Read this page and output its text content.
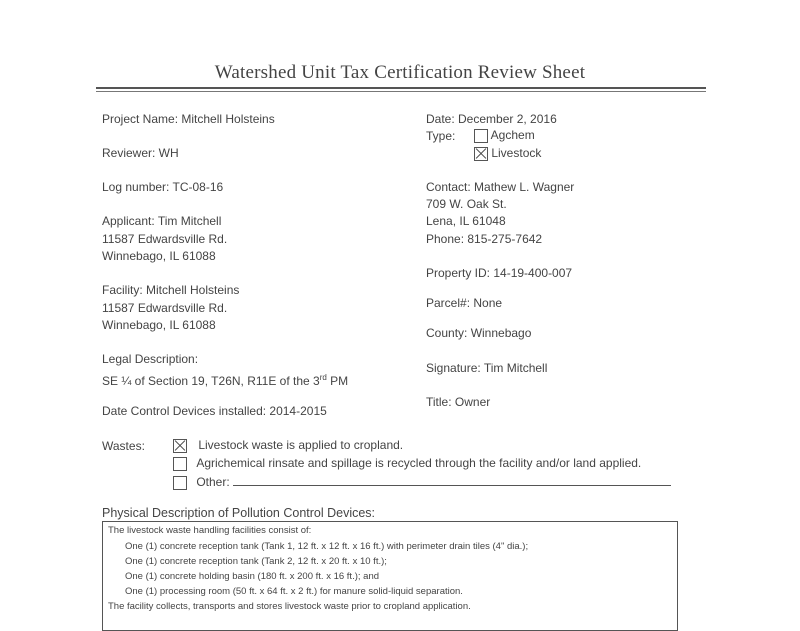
Watershed Unit Tax Certification Review Sheet
Project Name: Mitchell Holsteins
Reviewer: WH
Log number: TC-08-16
Applicant: Tim Mitchell
11587 Edwardsville Rd.
Winnebago, IL 61088
Facility: Mitchell Holsteins
11587 Edwardsville Rd.
Winnebago, IL 61088
Legal Description:
SE ¼ of Section 19, T26N, R11E of the 3rd PM
Date Control Devices installed: 2014-2015
Date: December 2, 2016
Type:	Agchem
Livestock
Contact: Mathew L. Wagner
709 W. Oak St.
Lena, IL 61048
Phone: 815-275-7642
Property ID: 14-19-400-007
Parcel#: None
County: Winnebago
Signature: Tim Mitchell
Title: Owner
Wastes:	Livestock waste is applied to cropland.
Agrichemical rinsate and spillage is recycled through the facility and/or land applied.
Other:
Physical Description of Pollution Control Devices:
The livestock waste handling facilities consist of:
One (1) concrete reception tank (Tank 1, 12 ft. x 12 ft. x 16 ft.) with perimeter drain tiles (4" dia.);
One (1) concrete reception tank (Tank 2, 12 ft. x 20 ft. x 10 ft.);
One (1) concrete holding basin (180 ft. x 200 ft. x 16 ft.); and
One (1) processing room (50 ft. x 64 ft. x 2 ft.) for manure solid-liquid separation.
The facility collects, transports and stores livestock waste prior to cropland application.
